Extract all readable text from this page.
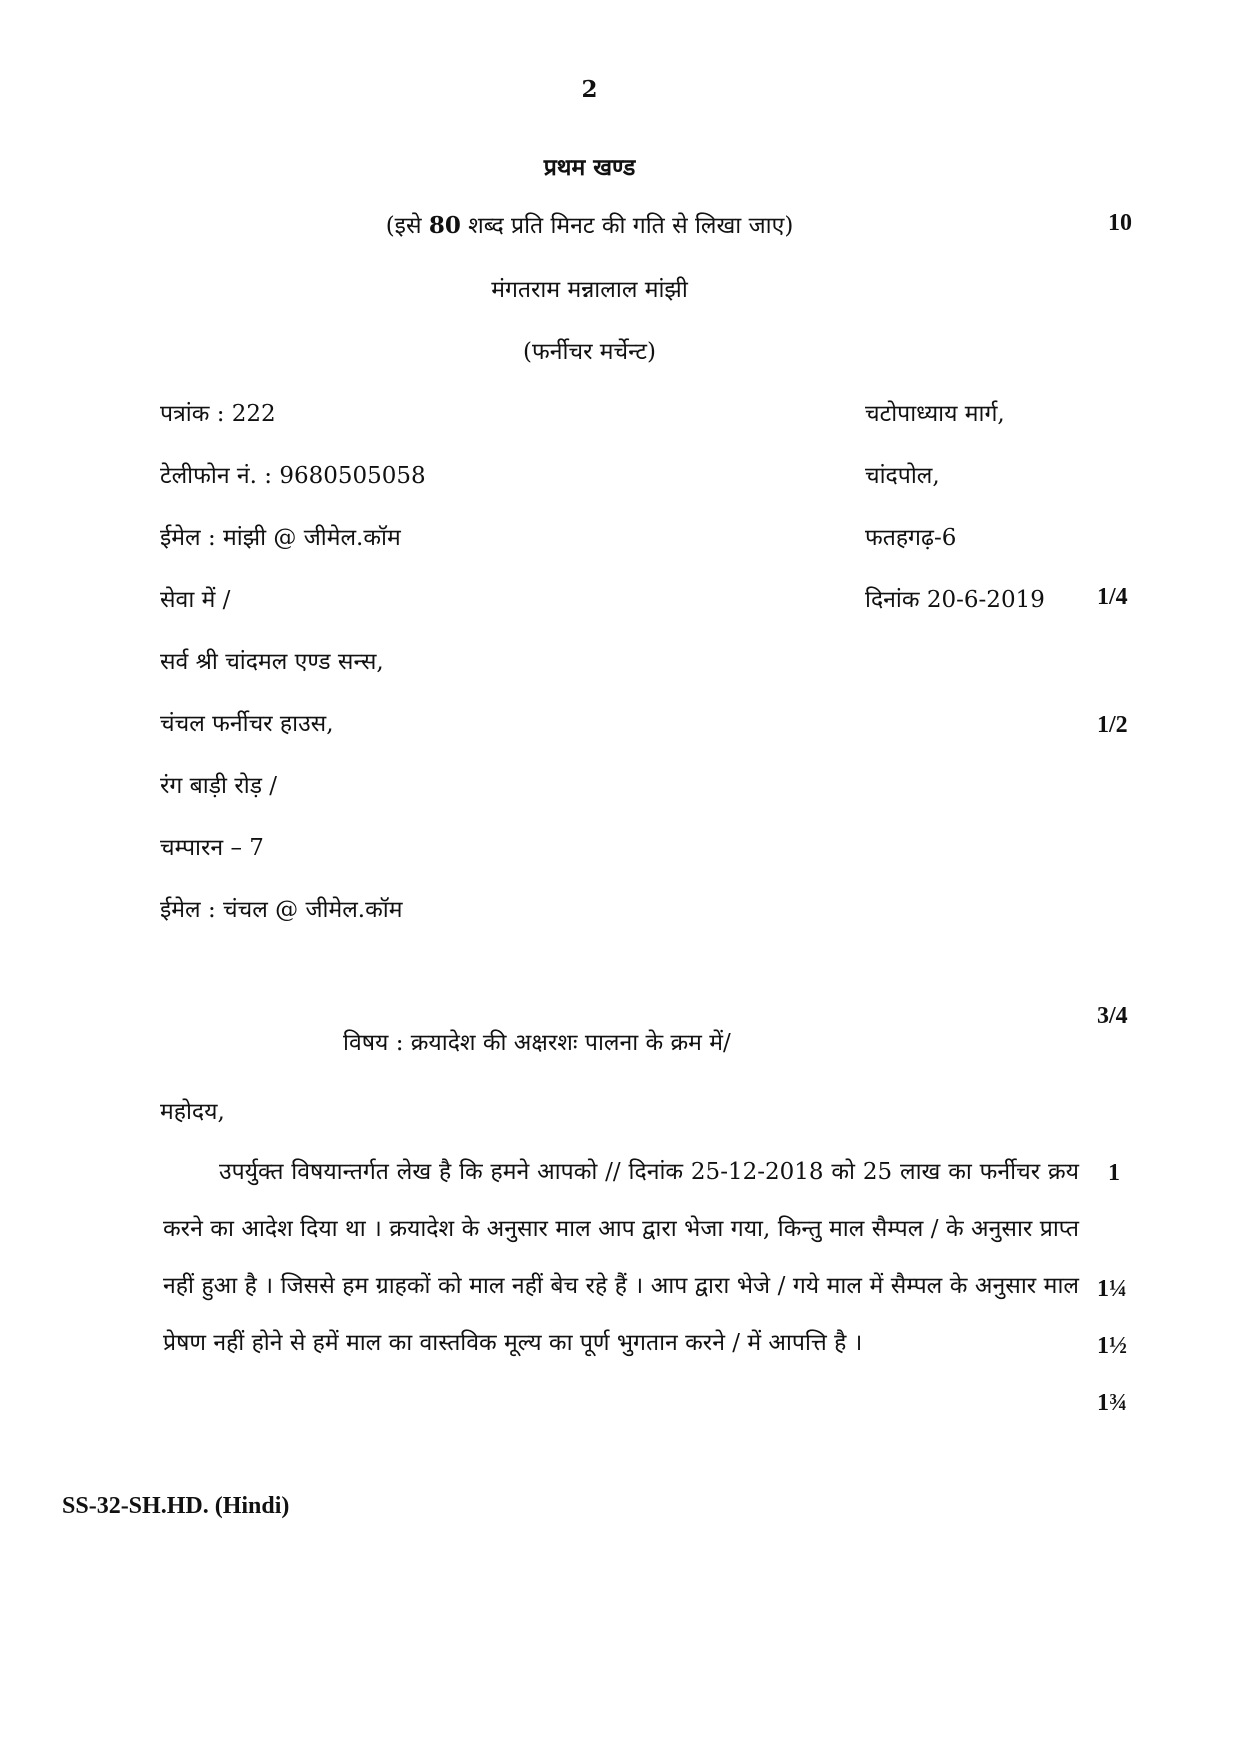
2
प्रथम खण्ड
(इसे 80 शब्द प्रति मिनट की गति से लिखा जाए)	10
मंगतराम मन्नालाल मांझी
(फर्नीचर मर्चेन्ट)
पत्रांक : 222
टेलीफोन नं. : 9680505058
ईमेल : मांझी @ जीमेल.कॉम
चटोपाध्याय मार्ग,
चांदपोल,
फतहगढ़-6
दिनांक 20-6-2019 1/4
सेवा में /
सर्व श्री चांदमल एण्ड सन्स,
चंचल फर्नीचर हाउस,	1/2
रंग बाड़ी रोड़ /
चम्पारन – 7
ईमेल : चंचल @ जीमेल.कॉम
विषय : क्रयादेश की अक्षरशः पालना के क्रम में/
3/4
महोदय,
उपर्युक्त विषयान्तर्गत लेख है कि हमने आपको // दिनांक 25-12-2018 को 25 लाख का फर्नीचर क्रय करने का आदेश दिया था । क्रयादेश के अनुसार माल आप द्वारा भेजा गया, किन्तु माल सैम्पल / के अनुसार प्राप्त नहीं हुआ है । जिससे हम ग्राहकों को माल नहीं बेच रहे हैं । आप द्वारा भेजे / गये माल में सैम्पल के अनुसार माल प्रेषण नहीं होने से हमें माल का वास्तविक मूल्य का पूर्ण भुगतान करने / में आपत्ति है ।
1
1¼
1½
1¾
SS-32-SH.HD. (Hindi)
